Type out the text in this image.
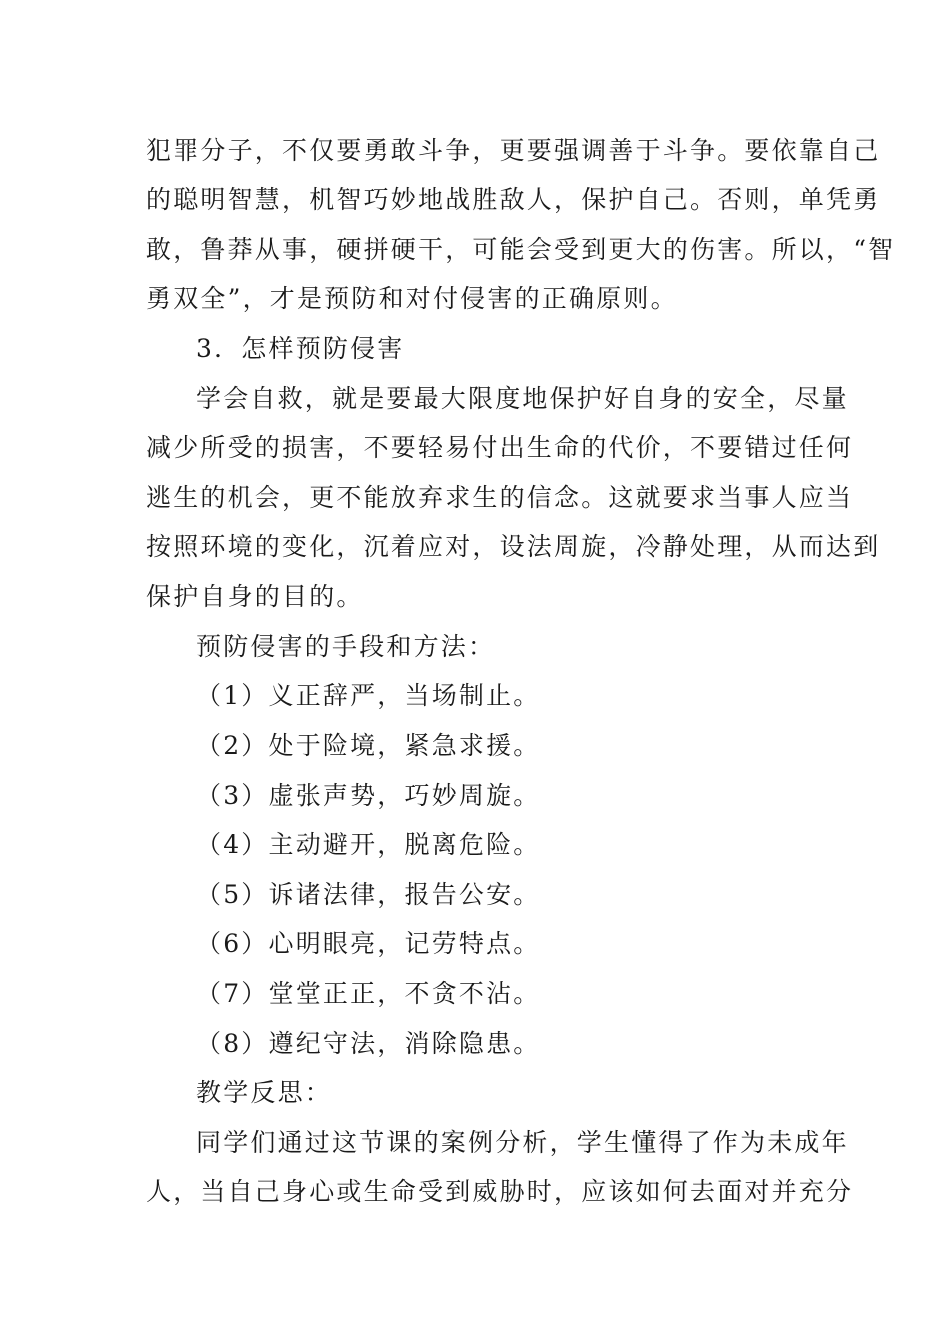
犯罪分子，不仅要勇敢斗争，更要强调善于斗争。要依靠自己
的聪明智慧，机智巧妙地战胜敌人，保护自己。否则，单凭勇
敢，鲁莽从事，硬拼硬干，可能会受到更大的伤害。所以，“智
勇双全”，才是预防和对付侵害的正确原则。
3．怎样预防侵害
学会自救，就是要最大限度地保护好自身的安全，尽量
减少所受的损害，不要轻易付出生命的代价，不要错过任何
逃生的机会，更不能放弃求生的信念。这就要求当事人应当
按照环境的变化，沉着应对，设法周旋，冷静处理，从而达到
保护自身的目的。
预防侵害的手段和方法：
（1）义正辞严，当场制止。
（2）处于险境，紧急求援。
（3）虚张声势，巧妙周旋。
（4）主动避开，脱离危险。
（5）诉诸法律，报告公安。
（6）心明眼亮，记劳特点。
（7）堂堂正正，不贪不沾。
（8）遵纪守法，消除隐患。
教学反思：
同学们通过这节课的案例分析，学生懂得了作为未成年
人，当自己身心或生命受到威胁时，应该如何去面对并充分
